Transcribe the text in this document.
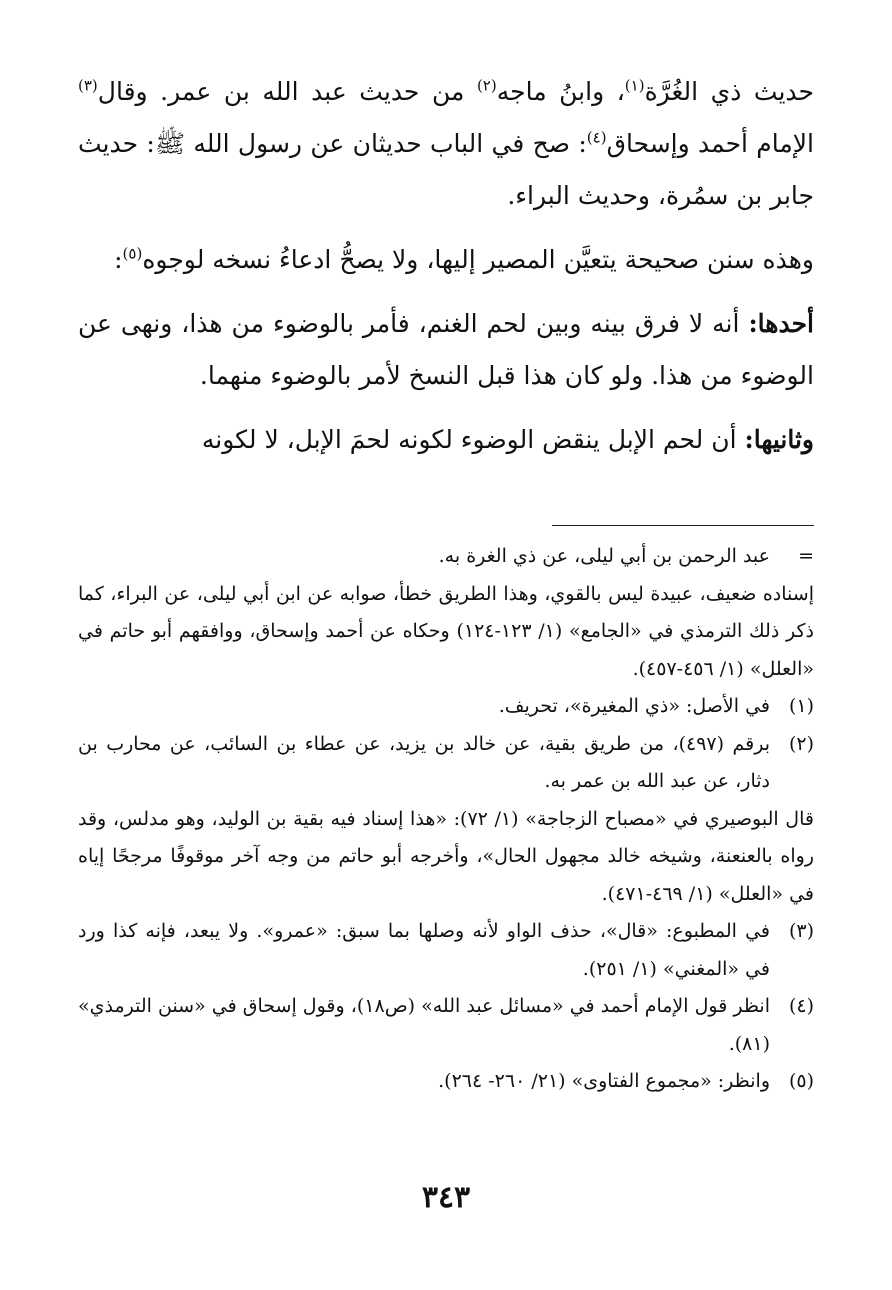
حديث ذي الغُرَّة$^{(١)}$، وابنُ ماجه$^{(٢)}$ من حديث عبد الله بن عمر. وقال$^{(٣)}$ الإمام أحمد وإسحاق$^{(٤)}$: صح في الباب حديثان عن رسول الله ﷺ: حديث جابر بن سمُرة، وحديث البراء.

وهذه سنن صحيحة يتعيَّن المصير إليها، ولا يصحُّ ادعاءُ نسخه لوجوه$^{(٥)}$:

أحدها: أنه لا فرق بينه وبين لحم الغنم، فأمر بالوضوء من هذا، ونهى عن الوضوء من هذا. ولو كان هذا قبل النسخ لأمر بالوضوء منهما.

وثانيها: أن لحم الإبل ينقض الوضوء لكونه لحمَ الإبل، لا لكونه

=
عبد الرحمن بن أبي ليلى، عن ذي الغرة به.
إسناده ضعيف، عبيدة ليس بالقوي، وهذا الطريق خطأ، صوابه عن ابن أبي ليلى، عن البراء، كما ذكر ذلك الترمذي في «الجامع» (١/ ١٢٣-١٢٤) وحكاه عن أحمد وإسحاق، ووافقهم أبو حاتم في «العلل» (١/ ٤٥٦-٤٥٧).
(١)
في الأصل: «ذي المغيرة»، تحريف.
(٢)
برقم (٤٩٧)، من طريق بقية، عن خالد بن يزيد، عن عطاء بن السائب، عن محارب بن دثار، عن عبد الله بن عمر به.
قال البوصيري في «مصباح الزجاجة» (١/ ٧٢): «هذا إسناد فيه بقية بن الوليد، وهو مدلس، وقد رواه بالعنعنة، وشيخه خالد مجهول الحال»، وأخرجه أبو حاتم من وجه آخر موقوفًا مرجحًا إياه في «العلل» (١/ ٤٦٩-٤٧١).
(٣)
في المطبوع: «قال»، حذف الواو لأنه وصلها بما سبق: «عمرو». ولا يبعد، فإنه كذا ورد في «المغني» (١/ ٢٥١).
(٤)
انظر قول الإمام أحمد في «مسائل عبد الله» (ص١٨)، وقول إسحاق في «سنن الترمذي» (٨١).
(٥)
وانظر: «مجموع الفتاوى» (٢١/ ٢٦٠- ٢٦٤).
٣٤٣
